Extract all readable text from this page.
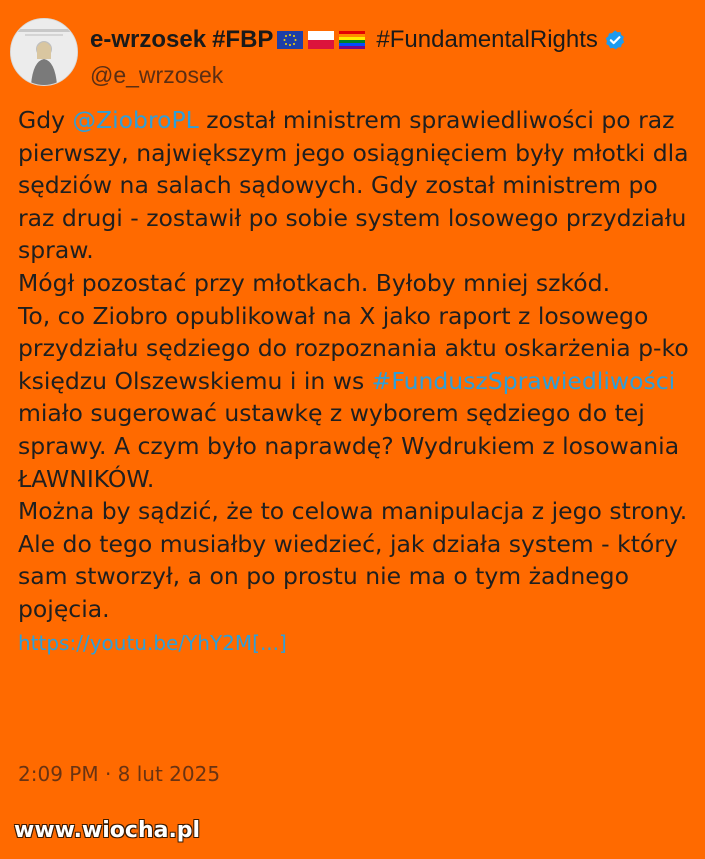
e-wrzosek #FBP	#FundamentalRights
@e_wrzosek

Gdy @ZiobroPL został ministrem sprawiedliwości po raz pierwszy, największym jego osiągnięciem były młotki dla sędziów na salach sądowych. Gdy został ministrem po raz drugi - zostawił po sobie system losowego przydziału spraw.

Mógł pozostać przy młotkach. Byłoby mniej szkód.

To, co Ziobro opublikował na X jako raport z losowego przydziału sędziego do rozpoznania aktu oskarżenia p-ko księdzu Olszewskiemu i in ws #FunduszSprawiedliwości miało sugerować ustawkę z wyborem sędziego do tej sprawy. A czym było naprawdę? Wydrukiem z losowania ŁAWNIKÓW.

Można by sądzić, że to celowa manipulacja z jego strony. Ale do tego musiałby wiedzieć, jak działa system - który sam stworzył, a on po prostu nie ma o tym żadnego pojęcia.

https://youtu.be/YhY2M[...]

2:09 PM · 8 lut 2025
www.wiocha.pl
